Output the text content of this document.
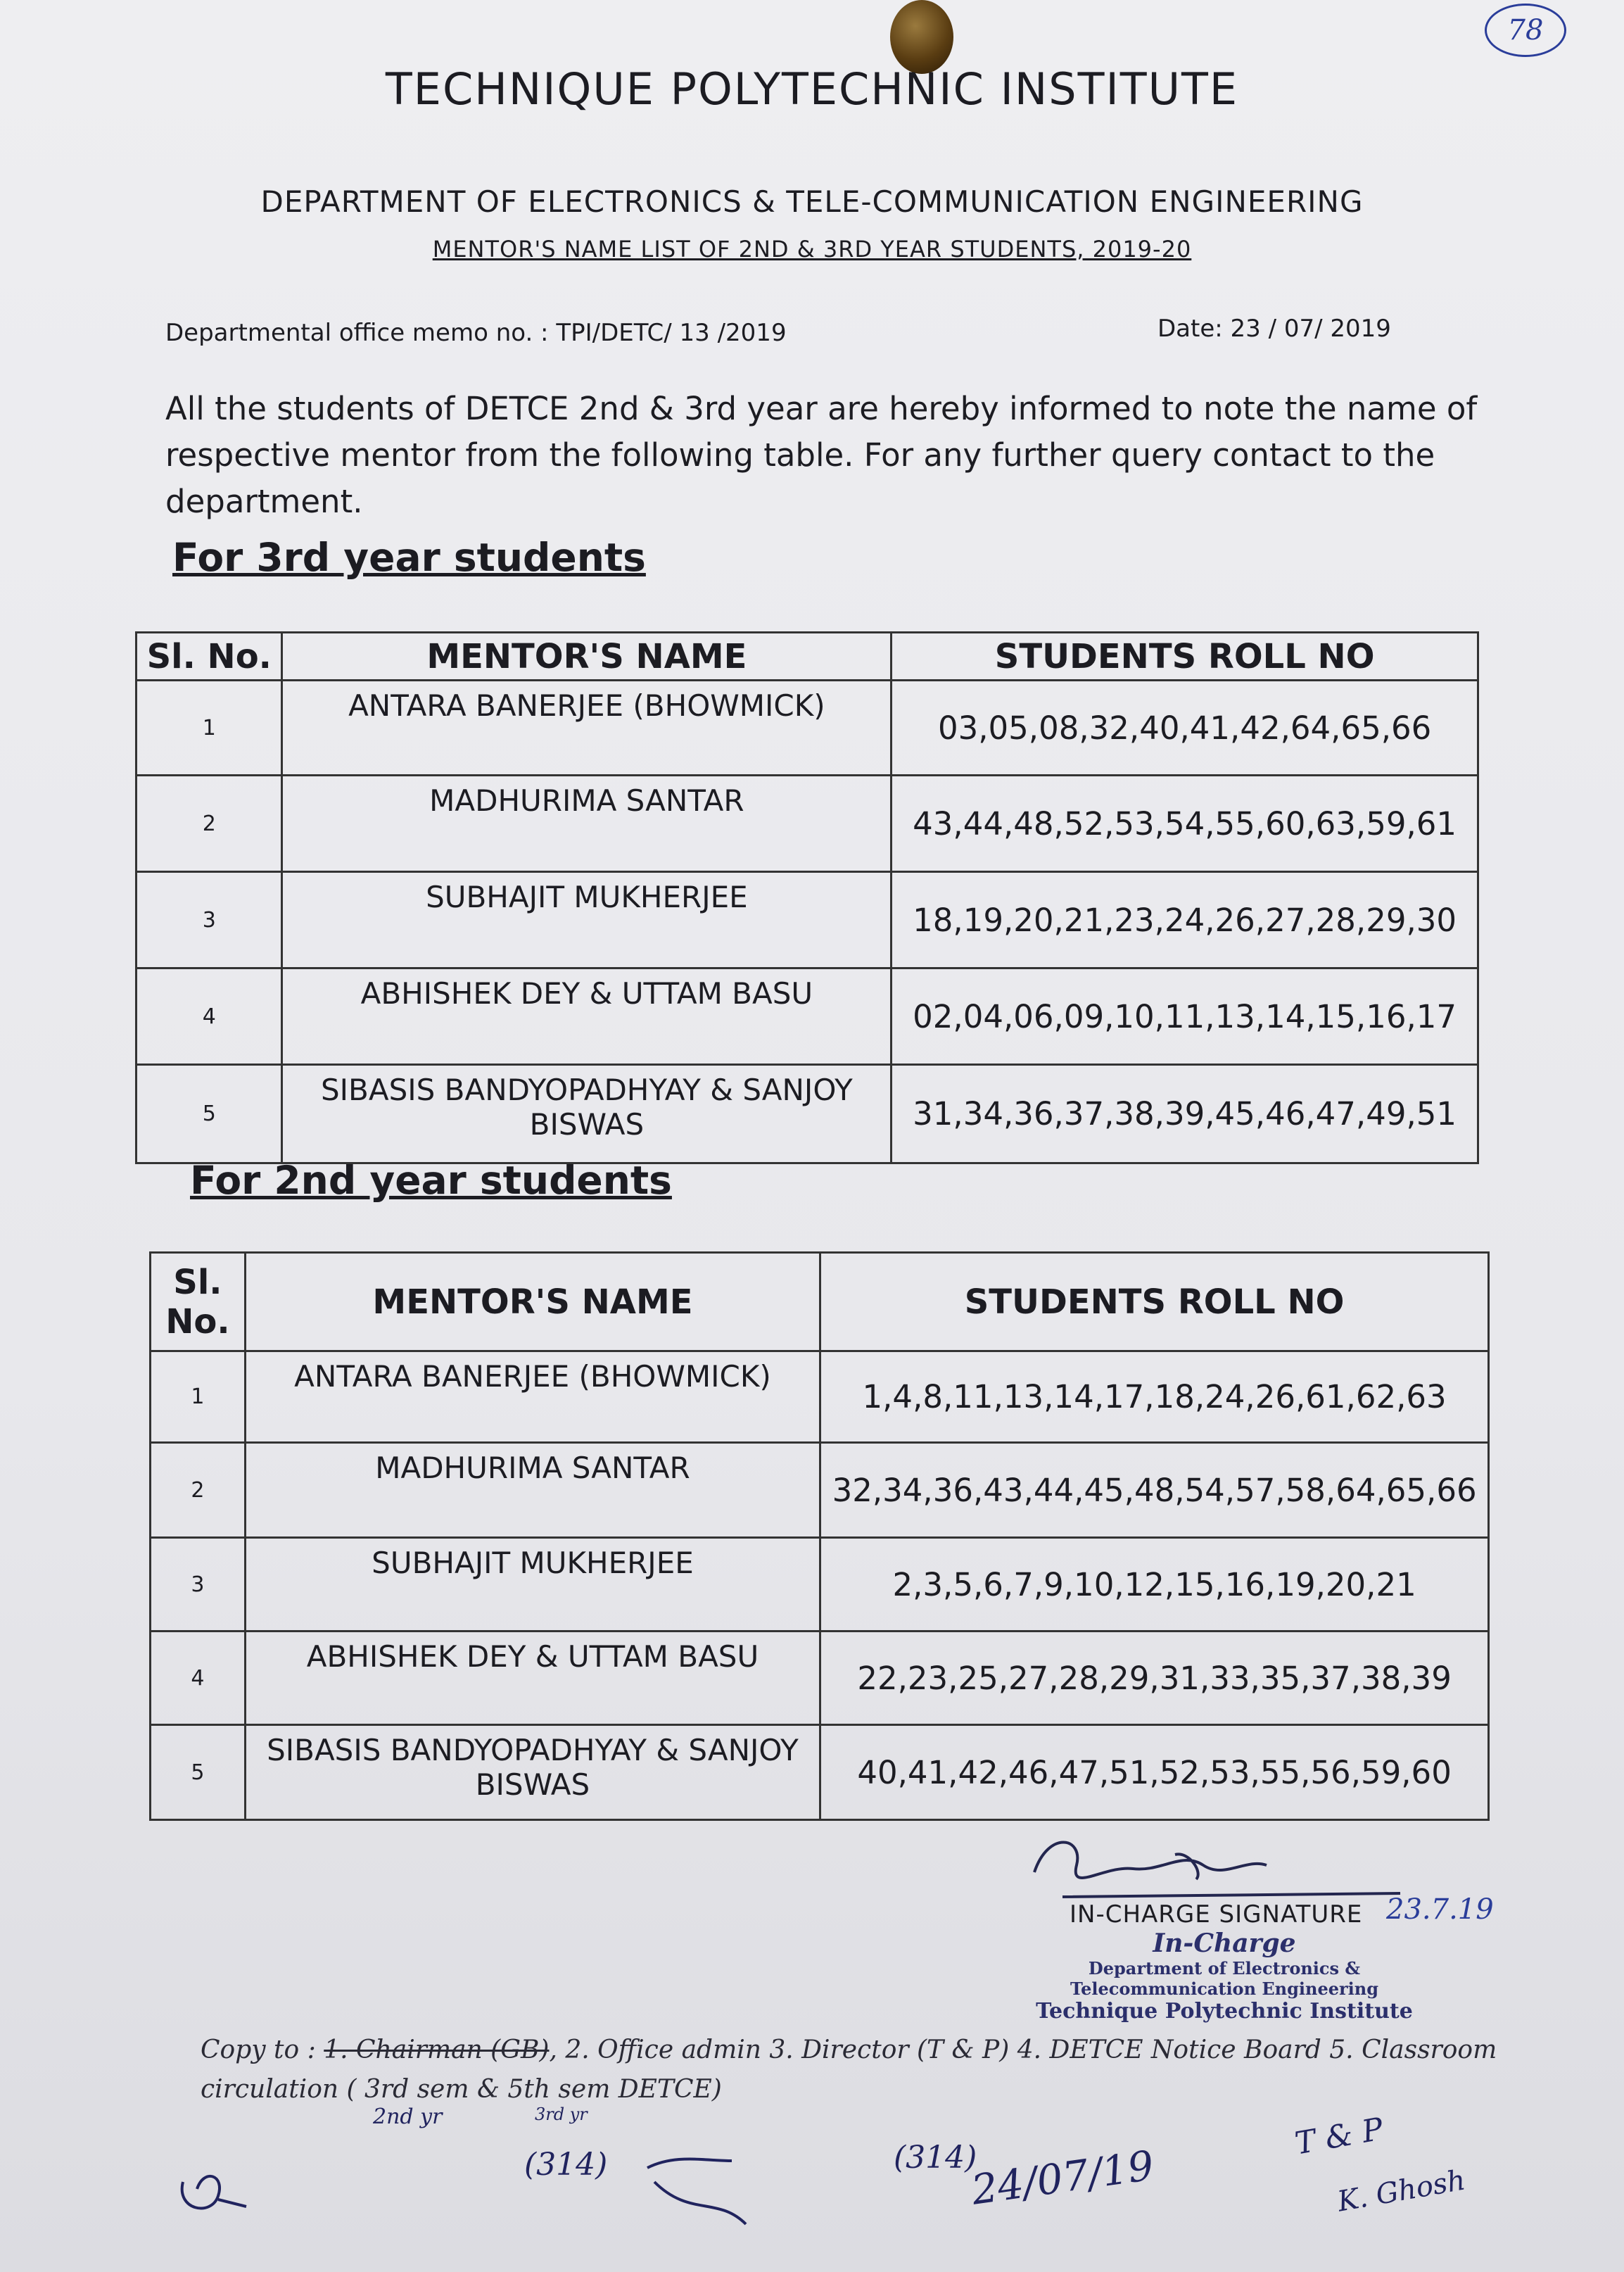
78
TECHNIQUE POLYTECHNIC INSTITUTE
DEPARTMENT OF ELECTRONICS & TELE-COMMUNICATION ENGINEERING
MENTOR'S NAME LIST OF 2ND & 3RD YEAR STUDENTS, 2019-20
Departmental office memo no. : TPI/DETC/ 13 /2019	Date: 23 / 07/ 2019
All the students of DETCE 2nd & 3rd year are hereby informed to note the name of respective mentor from the following table. For any further query contact to the department.
For 3rd year students
Sl. No.	MENTOR'S NAME	STUDENTS ROLL NO
1	ANTARA BANERJEE (BHOWMICK)	03,05,08,32,40,41,42,64,65,66
2	MADHURIMA SANTAR	43,44,48,52,53,54,55,60,63,59,61
3	SUBHAJIT MUKHERJEE	18,19,20,21,23,24,26,27,28,29,30
4	ABHISHEK DEY & UTTAM BASU	02,04,06,09,10,11,13,14,15,16,17
5	SIBASIS BANDYOPADHYAY & SANJOY BISWAS	31,34,36,37,38,39,45,46,47,49,51
For 2nd year students
Sl. No.	MENTOR'S NAME	STUDENTS ROLL NO
1	ANTARA BANERJEE (BHOWMICK)	1,4,8,11,13,14,17,18,24,26,61,62,63
2	MADHURIMA SANTAR	32,34,36,43,44,45,48,54,57,58,64,65,66
3	SUBHAJIT MUKHERJEE	2,3,5,6,7,9,10,12,15,16,19,20,21
4	ABHISHEK DEY & UTTAM BASU	22,23,25,27,28,29,31,33,35,37,38,39
5	SIBASIS BANDYOPADHYAY & SANJOY BISWAS	40,41,42,46,47,51,52,53,55,56,59,60
IN-CHARGE SIGNATURE 23.7.19
In-Charge
Department of Electronics & Telecommunication Engineering
Technique Polytechnic Institute
Copy to : 1. Chairman (GB), 2. Office admin 3. Director (T & P) 4. DETCE Notice Board 5. Classroom circulation ( 3rd sem & 5th sem DETCE)
2nd yr	3rd yr
(314)	(314)
24/07/19
T & P
K. Ghosh
